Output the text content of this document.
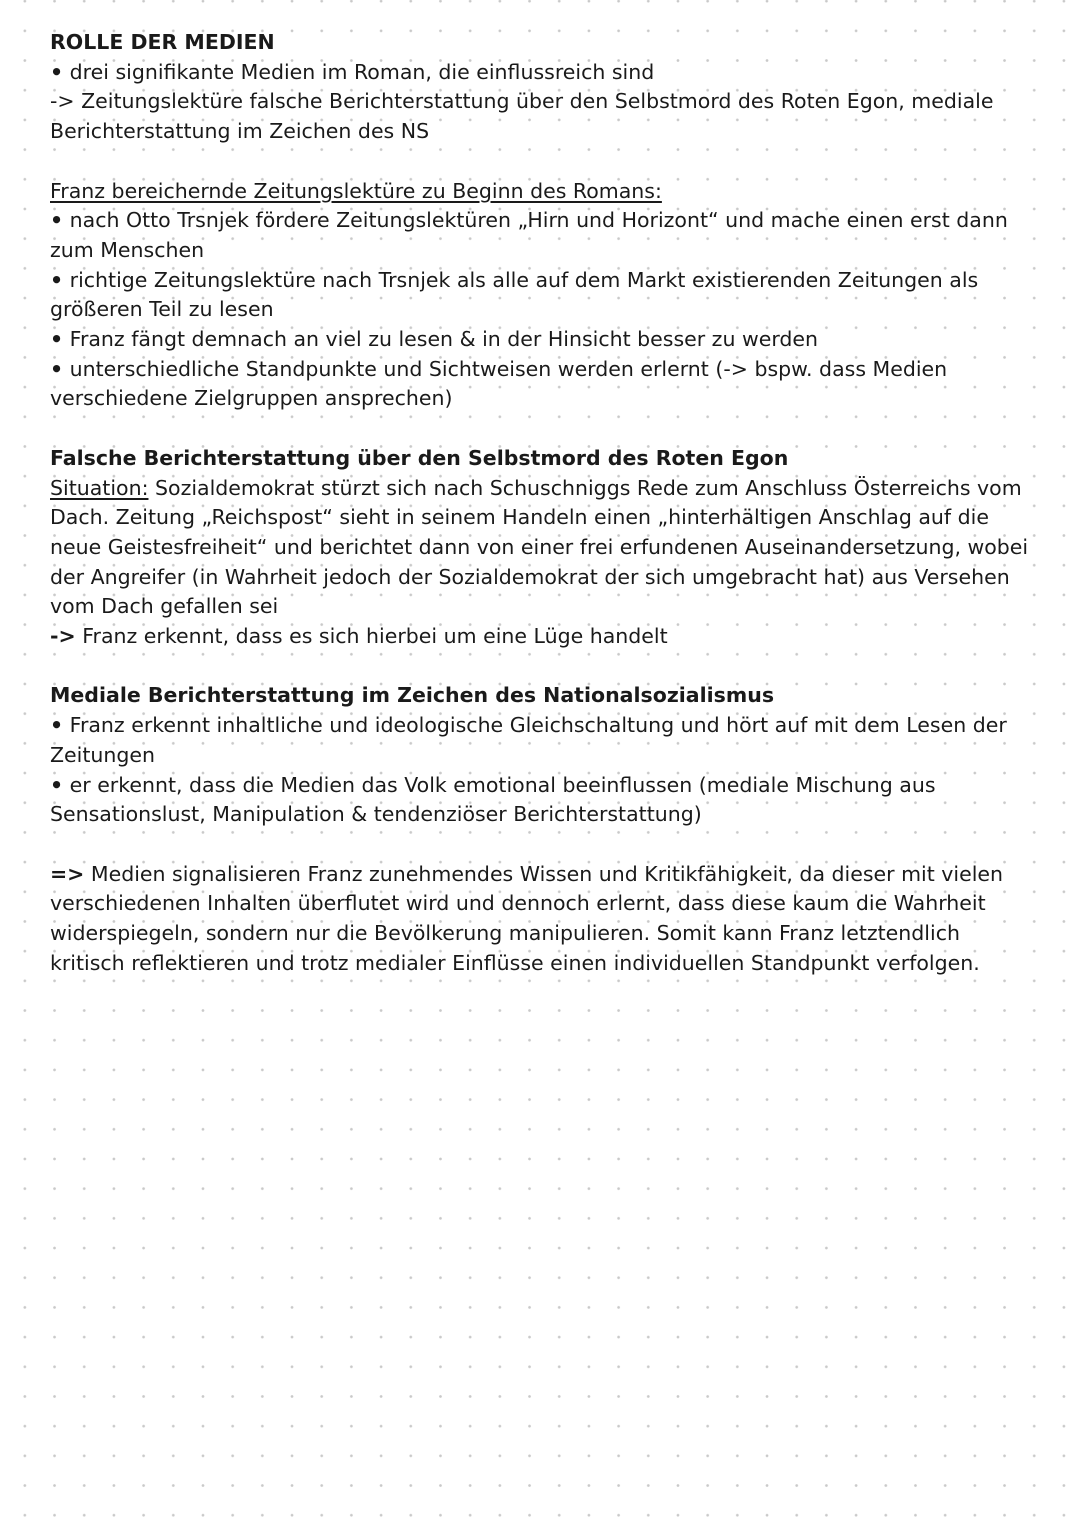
ROLLE DER MEDIEN

• drei signifikante Medien im Roman, die einflussreich sind

-> Zeitungslektüre falsche Berichterstattung über den Selbstmord des Roten Egon, mediale Berichterstattung im Zeichen des NS

Franz bereichernde Zeitungslektüre zu Beginn des Romans:

• nach Otto Trsnjek fördere Zeitungslektüren „Hirn und Horizont“ und mache einen erst dann zum Menschen

• richtige Zeitungslektüre nach Trsnjek als alle auf dem Markt existierenden Zeitungen als größeren Teil zu lesen

• Franz fängt demnach an viel zu lesen & in der Hinsicht besser zu werden

• unterschiedliche Standpunkte und Sichtweisen werden erlernt (-> bspw. dass Medien verschiedene Zielgruppen ansprechen)

Falsche Berichterstattung über den Selbstmord des Roten Egon

Situation: Sozialdemokrat stürzt sich nach Schuschniggs Rede zum Anschluss Österreichs vom Dach. Zeitung „Reichspost“ sieht in seinem Handeln einen „hinterhältigen Anschlag auf die neue Geistesfreiheit“ und berichtet dann von einer frei erfundenen Auseinandersetzung, wobei der Angreifer (in Wahrheit jedoch der Sozialdemokrat der sich umgebracht hat) aus Versehen vom Dach gefallen sei

-> Franz erkennt, dass es sich hierbei um eine Lüge handelt

Mediale Berichterstattung im Zeichen des Nationalsozialismus

• Franz erkennt inhaltliche und ideologische Gleichschaltung und hört auf mit dem Lesen der Zeitungen

• er erkennt, dass die Medien das Volk emotional beeinflussen (mediale Mischung aus Sensationslust, Manipulation & tendenziöser Berichterstattung)

=> Medien signalisieren Franz zunehmendes Wissen und Kritikfähigkeit, da dieser mit vielen verschiedenen Inhalten überflutet wird und dennoch erlernt, dass diese kaum die Wahrheit widerspiegeln, sondern nur die Bevölkerung manipulieren. Somit kann Franz letztendlich kritisch reflektieren und trotz medialer Einflüsse einen individuellen Standpunkt verfolgen.
